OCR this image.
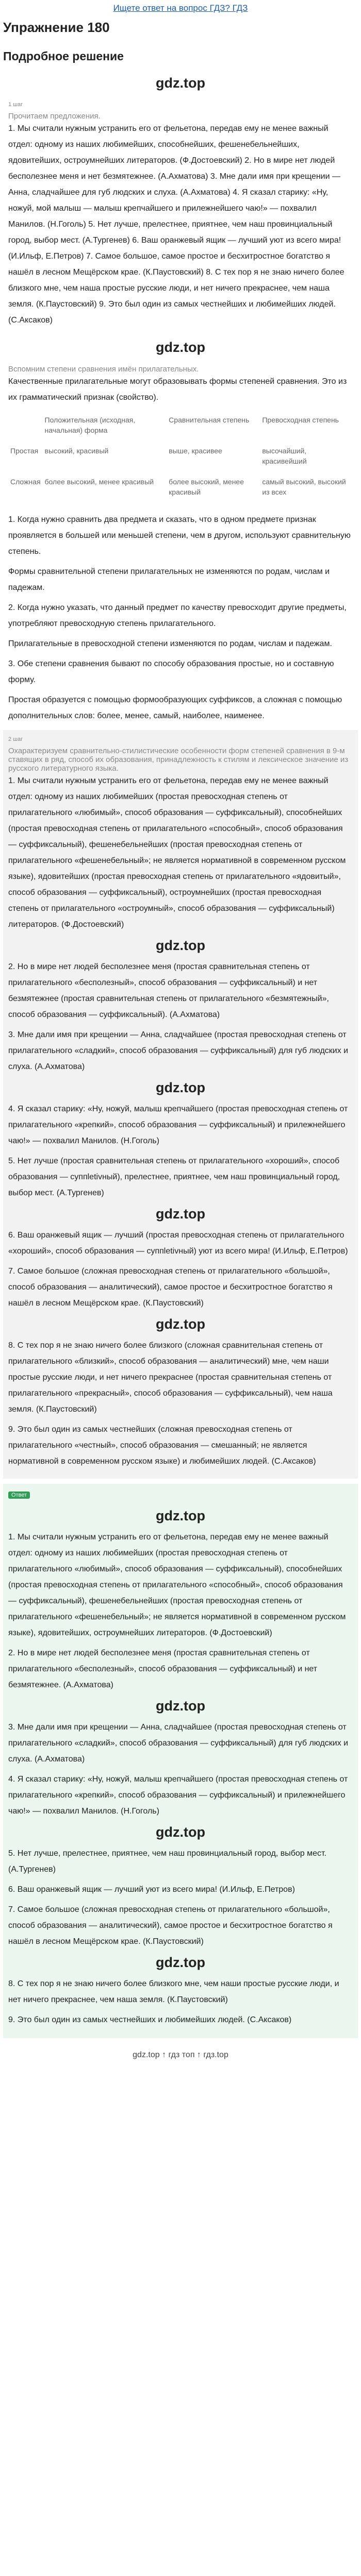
Ищете ответ на вопрос ГДЗ? ГДЗ
Упражнение 180
Подробное решение
gdz.top
1 шаг
Прочитаем предложения.

1. Мы считали нужным устранить его от фельетона, передав ему не менее важный отдел: одному из наших любимейших, способнейших, фешенебельнейших, ядовитейших, остроумнейших литераторов. (Ф.Достоевский) 2. Но в мире нет людей бесполезнее меня и нет безмятежнее. (А.Ахматова) 3. Мне дали имя при крещении — Анна, сладчайшее для губ людских и слуха. (А.Ахматова) 4. Я сказал старику: «Ну, ножуй, мой малыш — малыш крепчайшего и прилежнейшего чаю!» — похвалил Манилов. (Н.Гоголь) 5. Нет лучше, прелестнее, приятнее, чем наш провинциальный город, выбор мест. (А.Тургенев) 6. Ваш оранжевый ящик — лучший уют из всего мира! (И.Ильф, Е.Петров) 7. Самое большое, самое простое и бесхитростное богатство я нашёл в лесном Мещёрском крае. (К.Паустовский) 8. С тех пор я не знаю ничего более близкого мне, чем наша простые русские люди, и нет ничего прекраснее, чем наша земля. (К.Паустовский) 9. Это был один из самых честнейших и любимейших людей. (С.Аксаков)

gdz.top
Вспомним степени сравнения имён прилагательных.

Качественные прилагательные могут образовывать формы степеней сравнения. Это из их грамматический признак (свойство).

	Положительная (исходная, начальная) форма	Сравнительная степень	Превосходная степень
Простая	высокий, красивый	выше, красивее	высочайший, красивейший
Сложная	более высокий, менее красивый	более высокий, менее красивый	самый высокий, высокий из всех

1. Когда нужно сравнить два предмета и сказать, что в одном предмете признак проявляется в большей или меньшей степени, чем в другом, используют сравнительную степень.

Формы сравнительной степени прилагательных не изменяются по родам, числам и падежам.

2. Когда нужно указать, что данный предмет по качеству превосходит другие предметы, употребляют превосходную степень прилагательного.

Прилагательные в превосходной степени изменяются по родам, числам и падежам.

3. Обе степени сравнения бывают по способу образования простые, но и составную форму.

Простая образуется с помощью формообразующих суффиксов, а сложная с помощью дополнительных слов: более, менее, самый, наиболее, наименее.

2 шаг
Охарактеризуем сравнительно-стилистические особенности форм степеней сравнения в 9-м ставящих в ряд, способ их образования, принадлежность к стилям и лексическое значение из русского литературного языка.

1. Мы считали нужным устранить его от фельетона, передав ему не менее важный отдел: одному из наших любимейших (простая превосходная степень от прилагательного «любимый», способ образования — суффиксальный), способнейших (простая превосходная степень от прилагательного «способный», способ образования — суффиксальный), фешенебельнейших (простая превосходная степень от прилагательного «фешенебельный»; не является нормативной в современном русском языке), ядовитейших (простая превосходная степень от прилагательного «ядовитый», способ образования — суффиксальный), остроумнейших (простая превосходная степень от прилагательного «остроумный», способ образования — суффиксальный) литераторов. (Ф.Достоевский)

gdz.top

2. Но в мире нет людей бесполезнее меня (простая сравнительная степень от прилагательного «бесполезный», способ образования — суффиксальный) и нет безмятежнее (простая сравнительная степень от прилагательного «безмятежный», способ образования — суффиксальный). (А.Ахматова)

3. Мне дали имя при крещении — Анна, сладчайшее (простая превосходная степень от прилагательного «сладкий», способ образования — суффиксальный) для губ людских и слуха. (А.Ахматова)

gdz.top

4. Я сказал старику: «Ну, ножуй, малыш крепчайшего (простая превосходная степень от прилагательного «крепкий», способ образования — суффиксальный) и прилежнейшего чаю!» — похвалил Манилов. (Н.Гоголь)

5. Нет лучше (простая сравнительная степень от прилагательного «хороший», способ образования — суппletivный), прелестнее, приятнее, чем наш провинциальный город, выбор мест. (А.Тургенев)

gdz.top

6. Ваш оранжевый ящик — лучший (простая превосходная степень от прилагательного «хороший», способ образования — суппletivный) уют из всего мира! (И.Ильф, Е.Петров)

7. Самое большое (сложная превосходная степень от прилагательного «большой», способ образования — аналитический), самое простое и бесхитростное богатство я нашёл в лесном Мещёрском крае. (К.Паустовский)

gdz.top

8. С тех пор я не знаю ничего более близкого (сложная сравнительная степень от прилагательного «близкий», способ образования — аналитический) мне, чем наши простые русские люди, и нет ничего прекраснее (простая сравнительная степень от прилагательного «прекрасный», способ образования — суффиксальный), чем наша земля. (К.Паустовский)

9. Это был один из самых честнейших (сложная превосходная степень от прилагательного «честный», способ образования — смешанный; не является нормативной в современном русском языке) и любимейших людей. (С.Аксаков)

Ответ
gdz.top

1. Мы считали нужным устранить его от фельетона, передав ему не менее важный отдел: одному из наших любимейших (простая превосходная степень от прилагательного «любимый», способ образования — суффиксальный), способнейших (простая превосходная степень от прилагательного «способный», способ образования — суффиксальный), фешенебельнейших (простая превосходная степень от прилагательного «фешенебельный»; не является нормативной в современном русском языке), ядовитейших, остроумнейших литераторов. (Ф.Достоевский)

2. Но в мире нет людей бесполезнее меня (простая сравнительная степень от прилагательного «бесполезный», способ образования — суффиксальный) и нет безмятежнее. (А.Ахматова)

gdz.top

3. Мне дали имя при крещении — Анна, сладчайшее (простая превосходная степень от прилагательного «сладкий», способ образования — суффиксальный) для губ людских и слуха. (А.Ахматова)

4. Я сказал старику: «Ну, ножуй, малыш крепчайшего (простая превосходная степень от прилагательного «крепкий», способ образования — суффиксальный) и прилежнейшего чаю!» — похвалил Манилов. (Н.Гоголь)

gdz.top

5. Нет лучше, прелестнее, приятнее, чем наш провинциальный город, выбор мест. (А.Тургенев)

6. Ваш оранжевый ящик — лучший уют из всего мира! (И.Ильф, Е.Петров)

7. Самое большое (сложная превосходная степень от прилагательного «большой», способ образования — аналитический), самое простое и бесхитростное богатство я нашёл в лесном Мещёрском крае. (К.Паустовский)

gdz.top

8. С тех пор я не знаю ничего более близкого мне, чем наши простые русские люди, и нет ничего прекраснее, чем наша земля. (К.Паустовский)

9. Это был один из самых честнейших и любимейших людей. (С.Аксаков)

gdz.top ↑ гдз топ ↑ гдз.top
